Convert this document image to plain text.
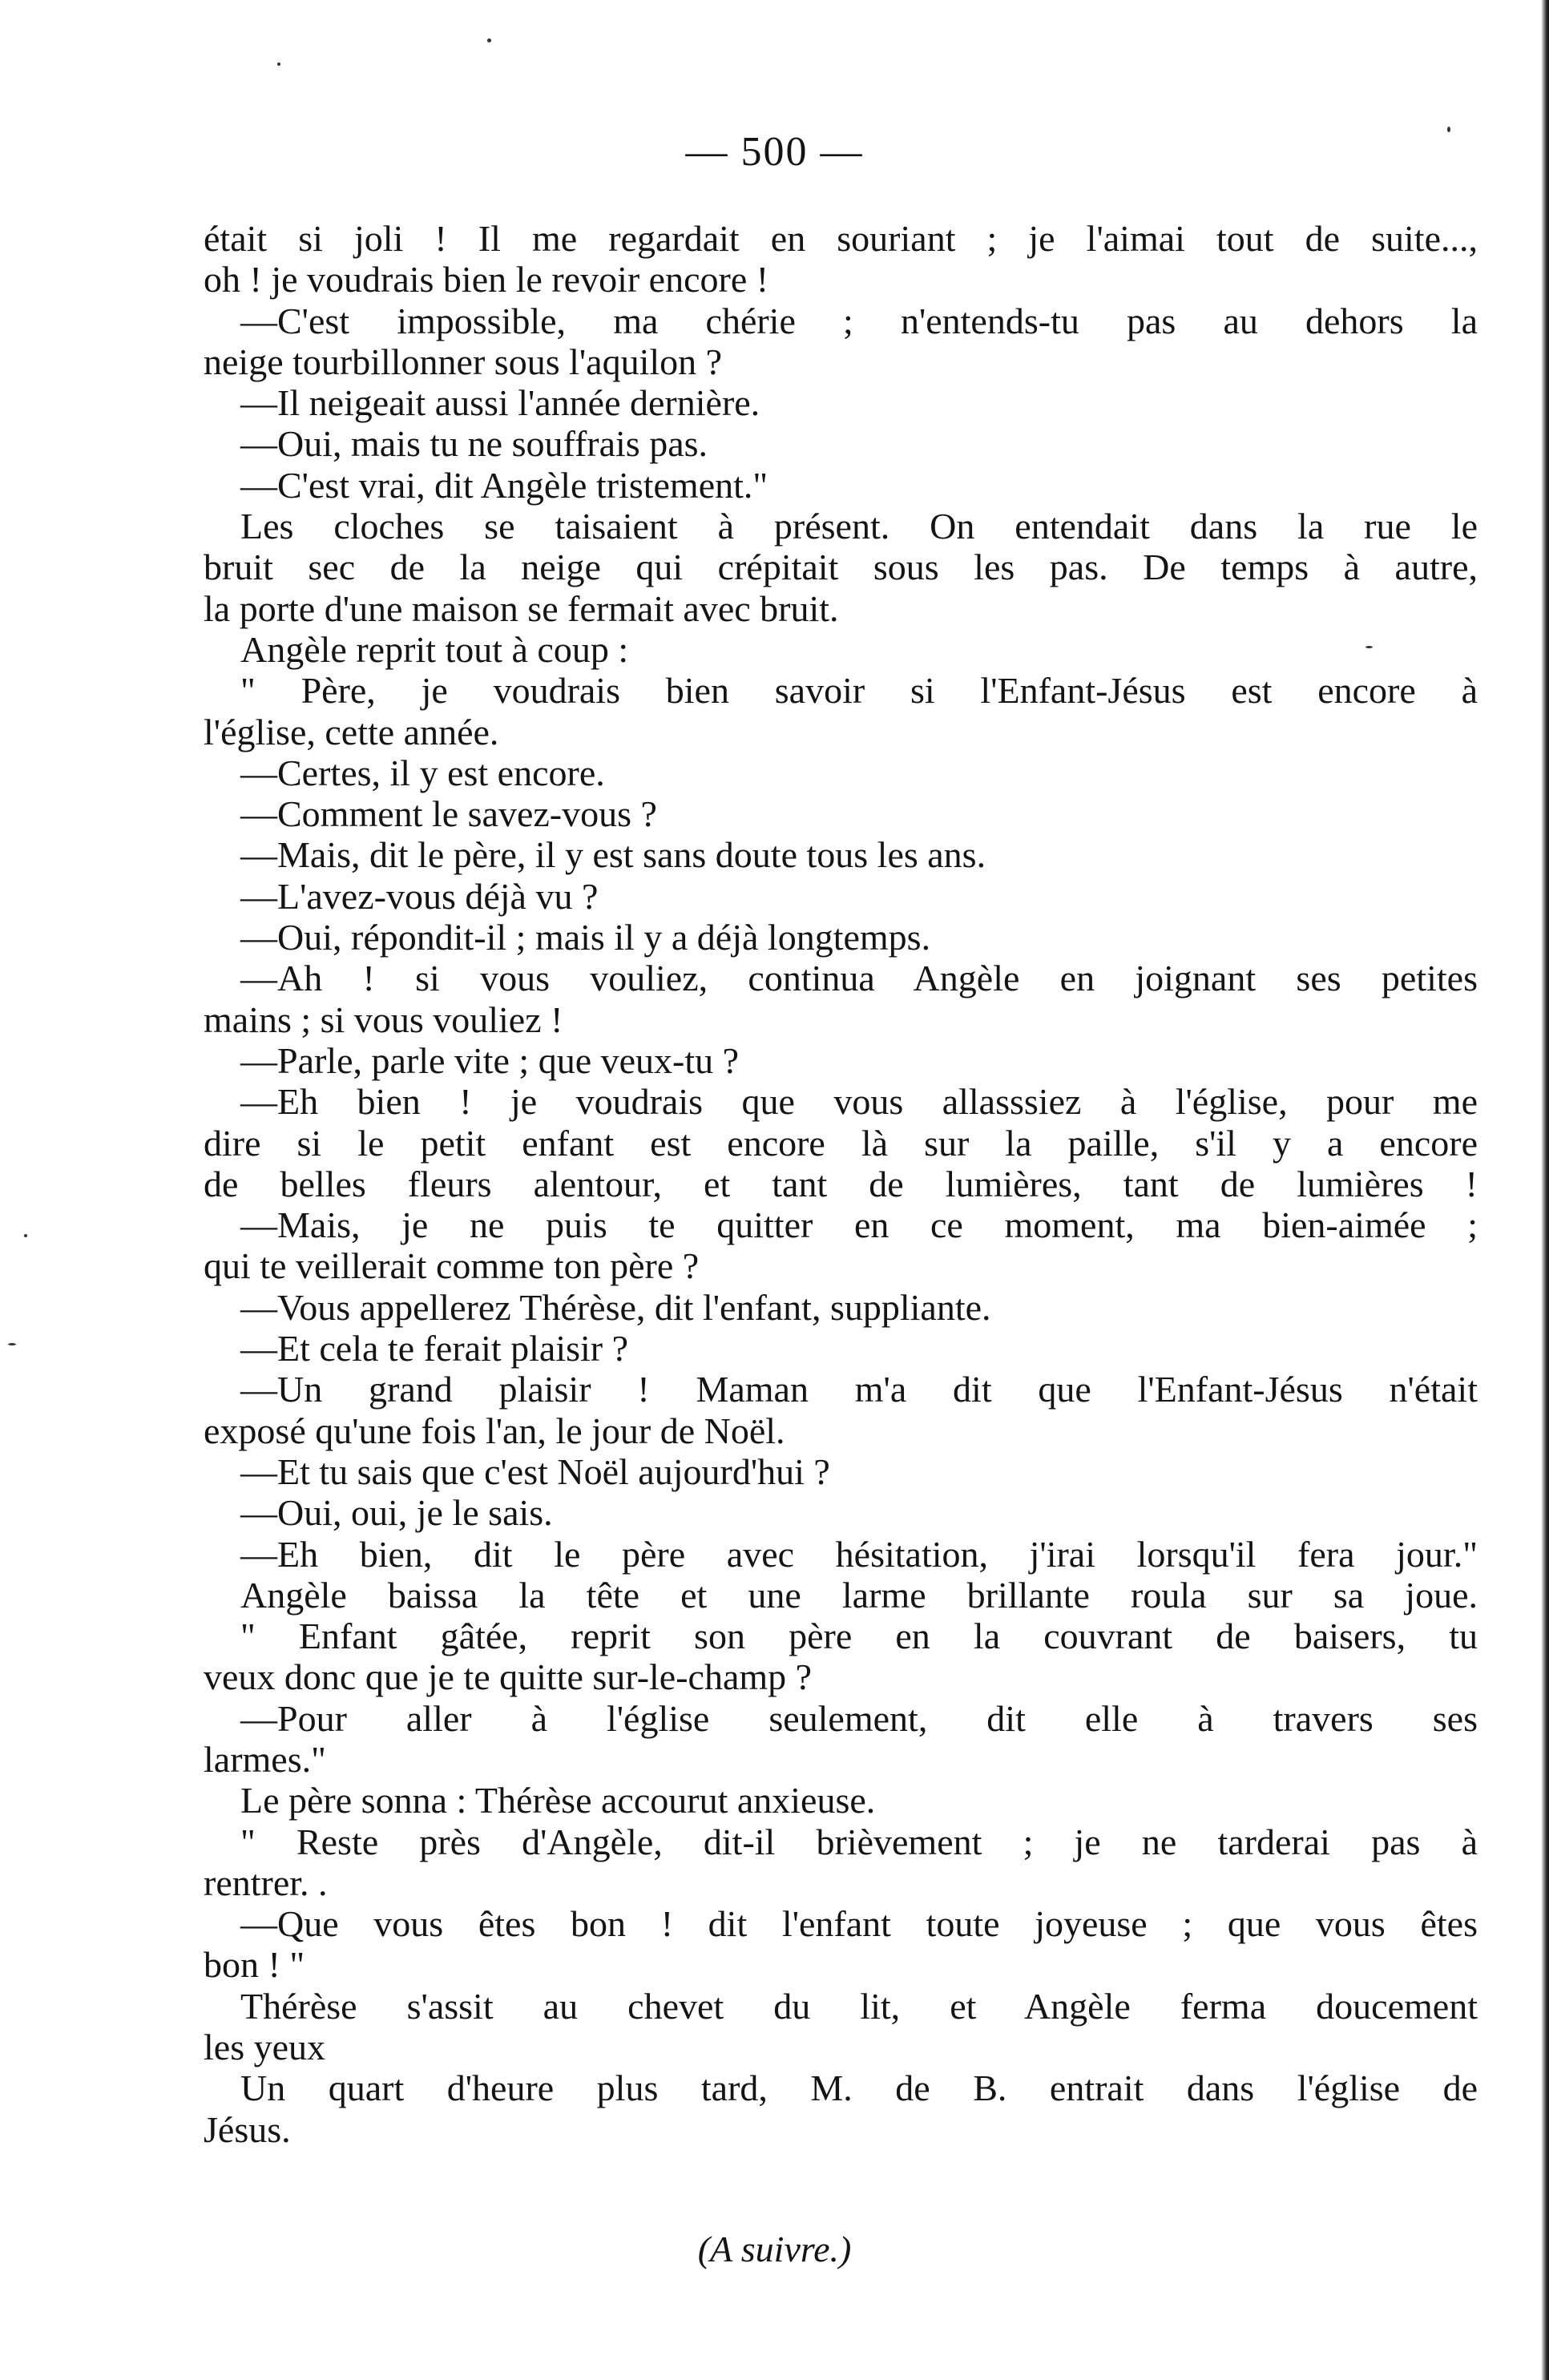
— 500 —
était si joli ! Il me regardait en souriant ; je l'aimai tout de suite...,
oh ! je voudrais bien le revoir encore !
—C'est impossible, ma chérie ; n'entends-tu pas au dehors la
neige tourbillonner sous l'aquilon ?
—Il neigeait aussi l'année dernière.
—Oui, mais tu ne souffrais pas.
—C'est vrai, dit Angèle tristement."
Les cloches se taisaient à présent. On entendait dans la rue le
bruit sec de la neige qui crépitait sous les pas. De temps à autre,
la porte d'une maison se fermait avec bruit.
Angèle reprit tout à coup :
" Père, je voudrais bien savoir si l'Enfant-Jésus est encore à
l'église, cette année.
—Certes, il y est encore.
—Comment le savez-vous ?
—Mais, dit le père, il y est sans doute tous les ans.
—L'avez-vous déjà vu ?
—Oui, répondit-il ; mais il y a déjà longtemps.
—Ah ! si vous vouliez, continua Angèle en joignant ses petites
mains ; si vous vouliez !
—Parle, parle vite ; que veux-tu ?
—Eh bien ! je voudrais que vous allasssiez à l'église, pour me
dire si le petit enfant est encore là sur la paille, s'il y a encore
de belles fleurs alentour, et tant de lumières, tant de lumières !
—Mais, je ne puis te quitter en ce moment, ma bien-aimée ;
qui te veillerait comme ton père ?
—Vous appellerez Thérèse, dit l'enfant, suppliante.
—Et cela te ferait plaisir ?
—Un grand plaisir ! Maman m'a dit que l'Enfant-Jésus n'était
exposé qu'une fois l'an, le jour de Noël.
—Et tu sais que c'est Noël aujourd'hui ?
—Oui, oui, je le sais.
—Eh bien, dit le père avec hésitation, j'irai lorsqu'il fera jour."
Angèle baissa la tête et une larme brillante roula sur sa joue.
" Enfant gâtée, reprit son père en la couvrant de baisers, tu
veux donc que je te quitte sur-le-champ ?
—Pour aller à l'église seulement, dit elle à travers ses
larmes."
Le père sonna : Thérèse accourut anxieuse.
" Reste près d'Angèle, dit-il brièvement ; je ne tarderai pas à
rentrer. .
—Que vous êtes bon ! dit l'enfant toute joyeuse ; que vous êtes
bon ! "
Thérèse s'assit au chevet du lit, et Angèle ferma doucement
les yeux
Un quart d'heure plus tard, M. de B. entrait dans l'église de
Jésus.
(A suivre.)
